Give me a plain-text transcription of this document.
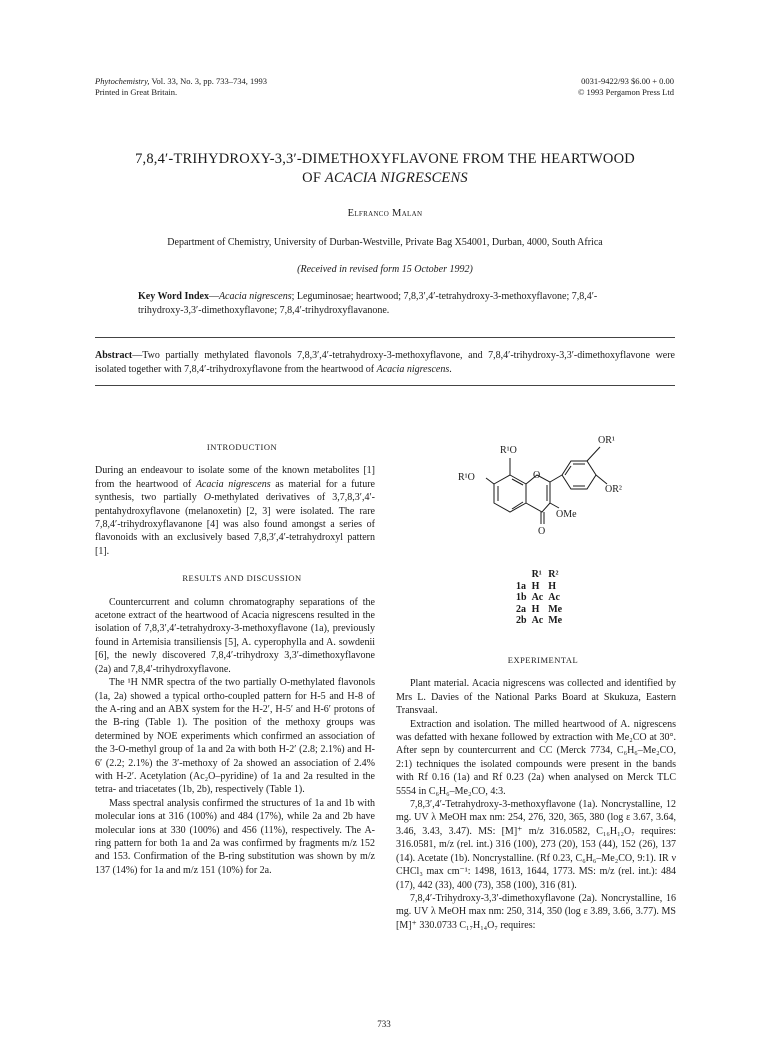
Phytochemistry, Vol. 33, No. 3, pp. 733–734, 1993
Printed in Great Britain.
0031-9422/93 $6.00 + 0.00
© 1993 Pergamon Press Ltd
7,8,4′-TRIHYDROXY-3,3′-DIMETHOXYFLAVONE FROM THE HEARTWOOD
OF ACACIA NIGRESCENS
Elfranco Malan
Department of Chemistry, University of Durban-Westville, Private Bag X54001, Durban, 4000, South Africa
(Received in revised form 15 October 1992)
Key Word Index—Acacia nigrescens; Leguminosae; heartwood; 7,8,3′,4′-tetrahydroxy-3-methoxyflavone; 7,8,4′-trihydroxy-3,3′-dimethoxyflavone; 7,8,4′-trihydroxyflavanone.
Abstract—Two partially methylated flavonols 7,8,3′,4′-tetrahydroxy-3-methoxyflavone, and 7,8,4′-trihydroxy-3,3′-dimethoxyflavone were isolated together with 7,8,4′-trihydroxyflavone from the heartwood of Acacia nigrescens.

INTRODUCTION

During an endeavour to isolate some of the known metabolites [1] from the heartwood of Acacia nigrescens as material for a future synthesis, two partially O-methylated derivatives of 3,7,8,3′,4′-pentahydroxyflavone (melanoxetin) [2, 3] were isolated. The rare 7,8,4′-trihydroxyflavanone [4] was also found amongst a series of flavonoids with an exclusively based 7,8,3′,4′-tetrahydroxyl pattern [1].

RESULTS AND DISCUSSION

Countercurrent and column chromatography separations of the acetone extract of the heartwood of Acacia nigrescens resulted in the isolation of 7,8,3′,4′-tetrahydroxy-3-methoxyflavone (1a), previously found in Artemisia transiliensis [5], A. cyperophylla and A. sowdenii [6], the newly discovered 7,8,4′-trihydroxy 3,3′-dimethoxyflavone (2a) and 7,8,4′-trihydroxyflavone.

The ¹H NMR spectra of the two partially O-methylated flavonols (1a, 2a) showed a typical ortho-coupled pattern for H-5 and H-8 of the A-ring and an ABX system for the H-2′, H-5′ and H-6′ protons of the B-ring (Table 1). The position of the methoxy groups was determined by NOE experiments which confirmed an association of the 3-O-methyl group of 1a and 2a with both H-2′ (2.8; 2.1%) and H-6′ (2.2; 2.1%) the 3′-methoxy of 2a showed an association of 2.4% with H-2′. Acetylation (Ac₂O–pyridine) of 1a and 2a resulted in the tetra- and triacetates (1b, 2b), respectively (Table 1).

Mass spectral analysis confirmed the structures of 1a and 1b with molecular ions at 316 (100%) and 484 (17%), while 2a and 2b have molecular ions at 330 (100%) and 456 (11%), respectively. The A-ring pattern for both 1a and 2a was confirmed by fragments m/z 152 and 153. Confirmation of the B-ring substitution was shown by m/z 137 (14%) for 1a and m/z 151 (10%) for 2a.

R¹O
R¹O
OR¹
OR²
O
OMe
O
	R¹	R²
1a	H	H
1b	Ac	Ac
2a	H	Me
2b	Ac	Me

EXPERIMENTAL

Plant material. Acacia nigrescens was collected and identified by Mrs L. Davies of the National Parks Board at Skukuza, Eastern Transvaal.

Extraction and isolation. The milled heartwood of A. nigrescens was defatted with hexane followed by extraction with Me₂CO at 30°. After sepn by countercurrent and CC (Merck 7734, C₆H₆–Me₂CO, 2:1) techniques the isolated compounds were present in the bands with Rf 0.16 (1a) and Rf 0.23 (2a) when analysed on Merck TLC 5554 in C₆H₆–Me₂CO, 4:3.

7,8,3′,4′-Tetrahydroxy-3-methoxyflavone (1a). Noncrystalline, 12 mg. UV λ MeOH max nm: 254, 276, 320, 365, 380 (log ε 3.67, 3.64, 3.46, 3.43, 3.47). MS: [M]⁺ m/z 316.0582, C₁₆H₁₂O₇ requires: 316.0581, m/z (rel. int.) 316 (100), 273 (20), 153 (44), 152 (26), 137 (14). Acetate (1b). Noncrystalline. (Rf 0.23, C₆H₆–Me₂CO, 9:1). IR ν CHCl₃ max cm⁻¹: 1498, 1613, 1644, 1773. MS: m/z (rel. int.): 484 (17), 442 (33), 400 (73), 358 (100), 316 (81).

7,8,4′-Trihydroxy-3,3′-dimethoxyflavone (2a). Noncrystalline, 16 mg. UV λ MeOH max nm: 250, 314, 350 (log ε 3.89, 3.66, 3.77). MS [M]⁺ 330.0733 C₁₇H₁₄O₇ requires:

733
